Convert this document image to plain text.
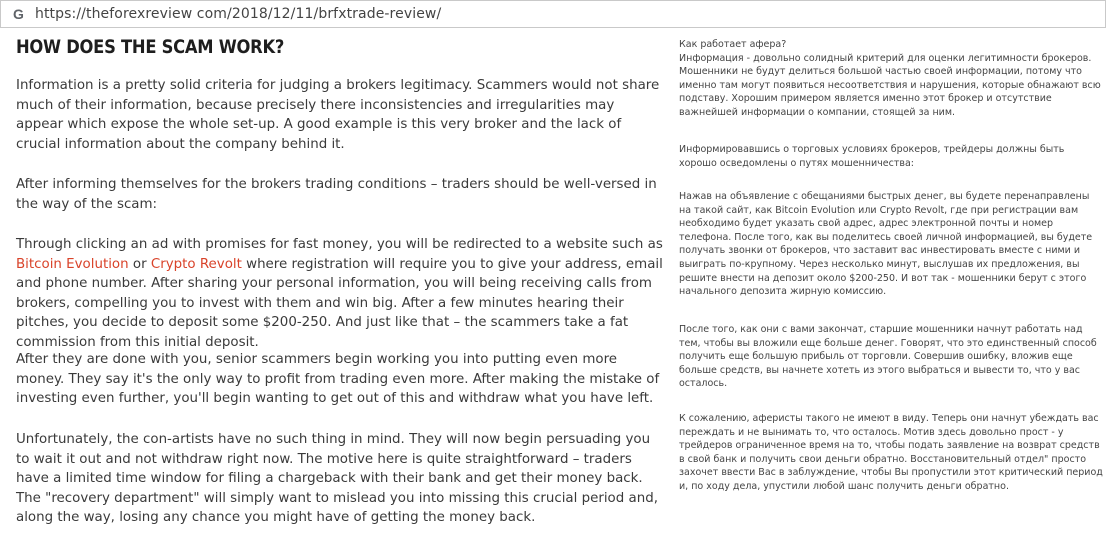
G https://theforexreview com/2018/12/11/brfxtrade-review/
HOW DOES THE SCAM WORK?

Information is a pretty solid criteria for judging a brokers legitimacy. Scammers would not share much of their information, because precisely there inconsistencies and irregularities may appear which expose the whole set-up. A good example is this very broker and the lack of crucial information about the company behind it.

After informing themselves for the brokers trading conditions – traders should be well-versed in the way of the scam:

Through clicking an ad with promises for fast money, you will be redirected to a website such as Bitcoin Evolution or Crypto Revolt where registration will require you to give your address, email and phone number. After sharing your personal information, you will being receiving calls from brokers, compelling you to invest with them and win big. After a few minutes hearing their pitches, you decide to deposit some $200-250. And just like that – the scammers take a fat commission from this initial deposit.

After they are done with you, senior scammers begin working you into putting even more money. They say it's the only way to profit from trading even more. After making the mistake of investing even further, you'll begin wanting to get out of this and withdraw what you have left.

Unfortunately, the con-artists have no such thing in mind. They will now begin persuading you to wait it out and not withdraw right now. The motive here is quite straightforward – traders have a limited time window for filing a chargeback with their bank and get their money back. The "recovery department" will simply want to mislead you into missing this crucial period and, along the way, losing any chance you might have of getting the money back.

Как работает афера?
Информация - довольно солидный критерий для оценки легитимности брокеров. Мошенники не будут делиться большой частью своей информации, потому что именно там могут появиться несоответствия и нарушения, которые обнажают всю подставу. Хорошим примером является именно этот брокер и отсутствие важнейшей информации о компании, стоящей за ним.

Информировавшись о торговых условиях брокеров, трейдеры должны быть хорошо осведомлены о путях мошенничества:

Нажав на объявление с обещаниями быстрых денег, вы будете перенаправлены на такой сайт, как Bitcoin Evolution или Crypto Revolt, где при регистрации вам необходимо будет указать свой адрес, адрес электронной почты и номер телефона. После того, как вы поделитесь своей личной информацией, вы будете получать звонки от брокеров, что заставит вас инвестировать вместе с ними и выиграть по-крупному. Через несколько минут, выслушав их предложения, вы решите внести на депозит около $200-250. И вот так - мошенники берут с этого начального депозита жирную комиссию.

После того, как они с вами закончат, старшие мошенники начнут работать над тем, чтобы вы вложили еще больше денег. Говорят, что это единственный способ получить еще большую прибыль от торговли. Совершив ошибку, вложив еще больше средств, вы начнете хотеть из этого выбраться и вывести то, что у вас осталось.

К сожалению, аферисты такого не имеют в виду. Теперь они начнут убеждать вас переждать и не вынимать то, что осталось. Мотив здесь довольно прост - у трейдеров ограниченное время на то, чтобы подать заявление на возврат средств в свой банк и получить свои деньги обратно. Восстановительный отдел" просто захочет ввести Вас в заблуждение, чтобы Вы пропустили этот критический период и, по ходу дела, упустили любой шанс получить деньги обратно.
